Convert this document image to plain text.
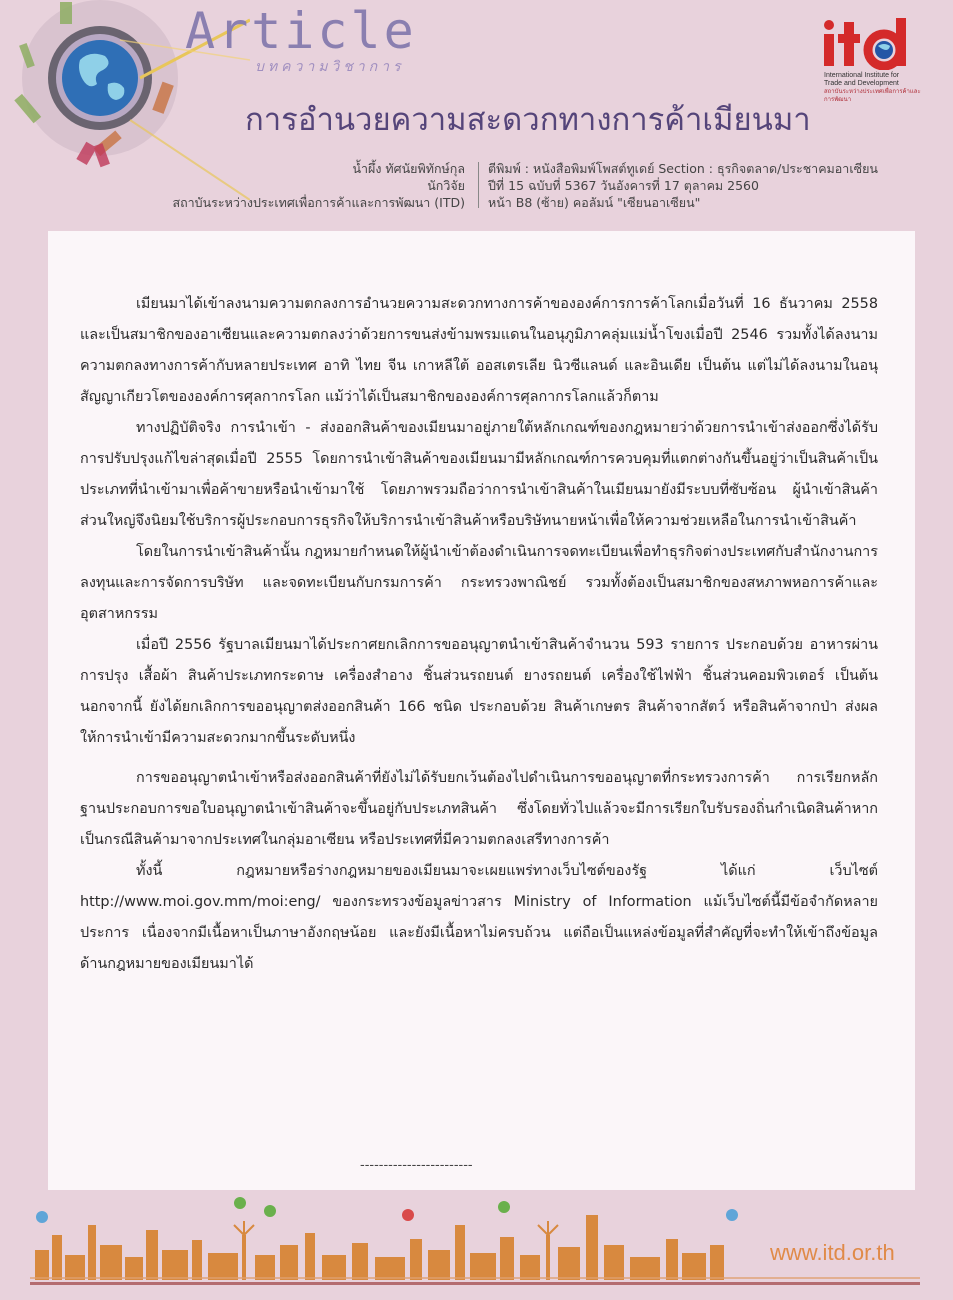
Article
บทความวิชาการ
การอำนวยความสะดวกทางการค้าเมียนมา
International Institute for
Trade and Development
สถาบันระหว่างประเทศเพื่อการค้าและการพัฒนา
น้ำผึ้ง ทัศนัยพิทักษ์กุล
นักวิจัย
สถาบันระหว่างประเทศเพื่อการค้าและการพัฒนา (ITD)
ตีพิมพ์ : หนังสือพิมพ์โพสต์ทูเดย์ Section : ธุรกิจตลาด/ประชาคมอาเซียน
ปีที่ 15 ฉบับที่ 5367 วันอังคารที่ 17 ตุลาคม 2560
หน้า B8 (ซ้าย) คอลัมน์ "เซียนอาเซียน"

เมียนมาได้เข้าลงนามความตกลงการอำนวยความสะดวกทางการค้าขององค์การการค้าโลกเมื่อวันที่ 16 ธันวาคม 2558 และเป็นสมาชิกของอาเซียนและความตกลงว่าด้วยการขนส่งข้ามพรมแดนในอนุภูมิภาคลุ่มแม่น้ำโขงเมื่อปี 2546 รวมทั้งได้ลงนามความตกลงทางการค้ากับหลายประเทศ อาทิ ไทย จีน เกาหลีใต้ ออสเตรเลีย นิวซีแลนด์ และอินเดีย เป็นต้น แต่ไม่ได้ลงนามในอนุสัญญาเกียวโตขององค์การศุลกากรโลก แม้ว่าได้เป็นสมาชิกขององค์การศุลกากรโลกแล้วก็ตาม

ทางปฏิบัติจริง การนำเข้า - ส่งออกสินค้าของเมียนมาอยู่ภายใต้หลักเกณฑ์ของกฎหมายว่าด้วยการนำเข้าส่งออกซึ่งได้รับการปรับปรุงแก้ไขล่าสุดเมื่อปี 2555 โดยการนำเข้าสินค้าของเมียนมามีหลักเกณฑ์การควบคุมที่แตกต่างกันขึ้นอยู่ว่าเป็นสินค้าเป็นประเภทที่นำเข้ามาเพื่อค้าขายหรือนำเข้ามาใช้ โดยภาพรวมถือว่าการนำเข้าสินค้าในเมียนมายังมีระบบที่ซับซ้อน ผู้นำเข้าสินค้าส่วนใหญ่จึงนิยมใช้บริการผู้ประกอบการธุรกิจให้บริการนำเข้าสินค้าหรือบริษัทนายหน้าเพื่อให้ความช่วยเหลือในการนำเข้าสินค้า

โดยในการนำเข้าสินค้านั้น กฎหมายกำหนดให้ผู้นำเข้าต้องดำเนินการจดทะเบียนเพื่อทำธุรกิจต่างประเทศกับสำนักงานการลงทุนและการจัดการบริษัท และจดทะเบียนกับกรมการค้า กระทรวงพาณิชย์ รวมทั้งต้องเป็นสมาชิกของสหภาพหอการค้าและอุตสาหกรรม

เมื่อปี 2556 รัฐบาลเมียนมาได้ประกาศยกเลิกการขออนุญาตนำเข้าสินค้าจำนวน 593 รายการ ประกอบด้วย อาหารผ่านการปรุง เสื้อผ้า สินค้าประเภทกระดาษ เครื่องสำอาง ชิ้นส่วนรถยนต์ ยางรถยนต์ เครื่องใช้ไฟฟ้า ชิ้นส่วนคอมพิวเตอร์ เป็นต้น นอกจากนี้ ยังได้ยกเลิกการขออนุญาตส่งออกสินค้า 166 ชนิด ประกอบด้วย สินค้าเกษตร สินค้าจากสัตว์ หรือสินค้าจากป่า ส่งผลให้การนำเข้ามีความสะดวกมากขึ้นระดับหนึ่ง

การขออนุญาตนำเข้าหรือส่งออกสินค้าที่ยังไม่ได้รับยกเว้นต้องไปดำเนินการขออนุญาตที่กระทรวงการค้า การเรียกหลักฐานประกอบการขอใบอนุญาตนำเข้าสินค้าจะขึ้นอยู่กับประเภทสินค้า ซึ่งโดยทั่วไปแล้วจะมีการเรียกใบรับรองถิ่นกำเนิดสินค้าหากเป็นกรณีสินค้ามาจากประเทศในกลุ่มอาเซียน หรือประเทศที่มีความตกลงเสรีทางการค้า

ทั้งนี้ กฎหมายหรือร่างกฎหมายของเมียนมาจะเผยแพร่ทางเว็บไซต์ของรัฐ ได้แก่ เว็บไซต์ http://www.moi.gov.mm/moi:eng/ ของกระทรวงข้อมูลข่าวสาร Ministry of Information แม้เว็บไซต์นี้มีข้อจำกัดหลายประการ เนื่องจากมีเนื้อหาเป็นภาษาอังกฤษน้อย และยังมีเนื้อหาไม่ครบถ้วน แต่ถือเป็นแหล่งข้อมูลที่สำคัญที่จะทำให้เข้าถึงข้อมูลด้านกฎหมายของเมียนมาได้

------------------------
www.itd.or.th
